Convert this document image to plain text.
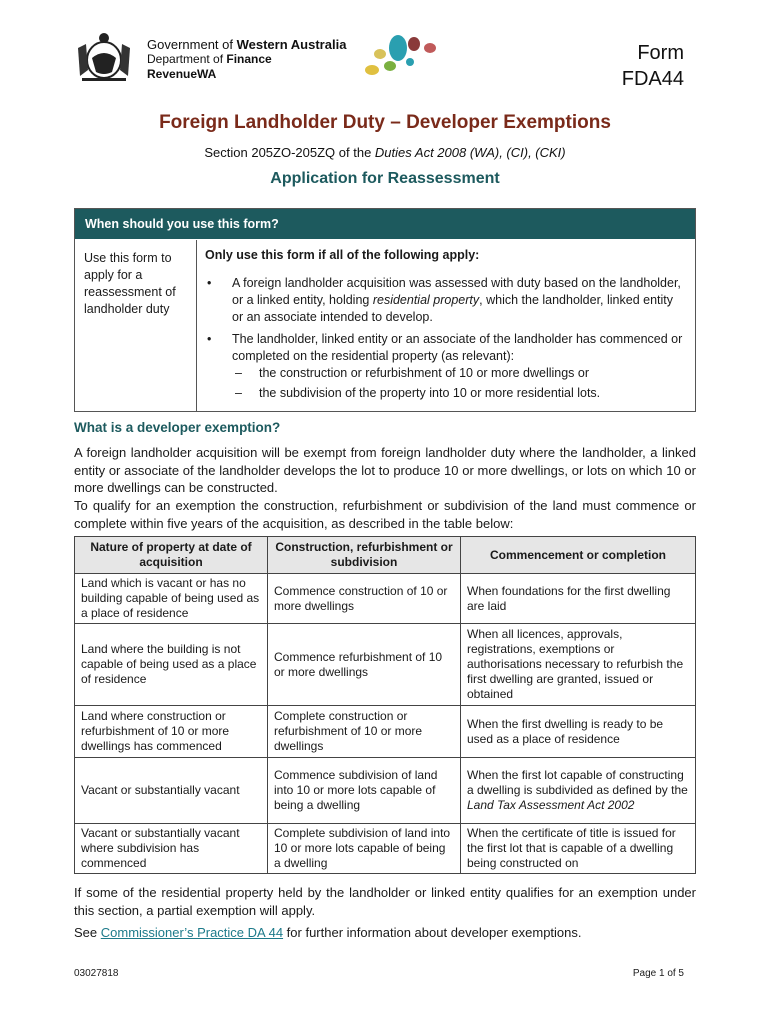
Government of Western Australia
Department of Finance
RevenueWA
Form
FDA44
Foreign Landholder Duty – Developer Exemptions
Section 205ZO-205ZQ of the Duties Act 2008 (WA), (CI), (CKI)
Application for Reassessment
When should you use this form?
Use this form to apply for a reassessment of landholder duty
Only use this form if all of the following apply:
• A foreign landholder acquisition was assessed with duty based on the landholder, or a linked entity, holding residential property, which the landholder, linked entity or an associate intended to develop.
• The landholder, linked entity or an associate of the landholder has commenced or completed on the residential property (as relevant):
– the construction or refurbishment of 10 or more dwellings or
– the subdivision of the property into 10 or more residential lots.
What is a developer exemption?
A foreign landholder acquisition will be exempt from foreign landholder duty where the landholder, a linked entity or associate of the landholder develops the lot to produce 10 or more dwellings, or lots on which 10 or more dwellings can be constructed.
To qualify for an exemption the construction, refurbishment or subdivision of the land must commence or complete within five years of the acquisition, as described in the table below:
Nature of property at date of acquisition	Construction, refurbishment or subdivision	Commencement or completion
Land which is vacant or has no building capable of being used as a place of residence	Commence construction of 10 or more dwellings	When foundations for the first dwelling are laid
Land where the building is not capable of being used as a place of residence	Commence refurbishment of 10 or more dwellings	When all licences, approvals, registrations, exemptions or authorisations necessary to refurbish the first dwelling are granted, issued or obtained
Land where construction or refurbishment of 10 or more dwellings has commenced	Complete construction or refurbishment of 10 or more dwellings	When the first dwelling is ready to be used as a place of residence
Vacant or substantially vacant	Commence subdivision of land into 10 or more lots capable of being a dwelling	When the first lot capable of constructing a dwelling is subdivided as defined by the Land Tax Assessment Act 2002
Vacant or substantially vacant where subdivision has commenced	Complete subdivision of land into 10 or more lots capable of being a dwelling	When the certificate of title is issued for the first lot that is capable of a dwelling being constructed on
If some of the residential property held by the landholder or linked entity qualifies for an exemption under this section, a partial exemption will apply.
See Commissioner’s Practice DA 44 for further information about developer exemptions.
03027818	Page 1 of 5
